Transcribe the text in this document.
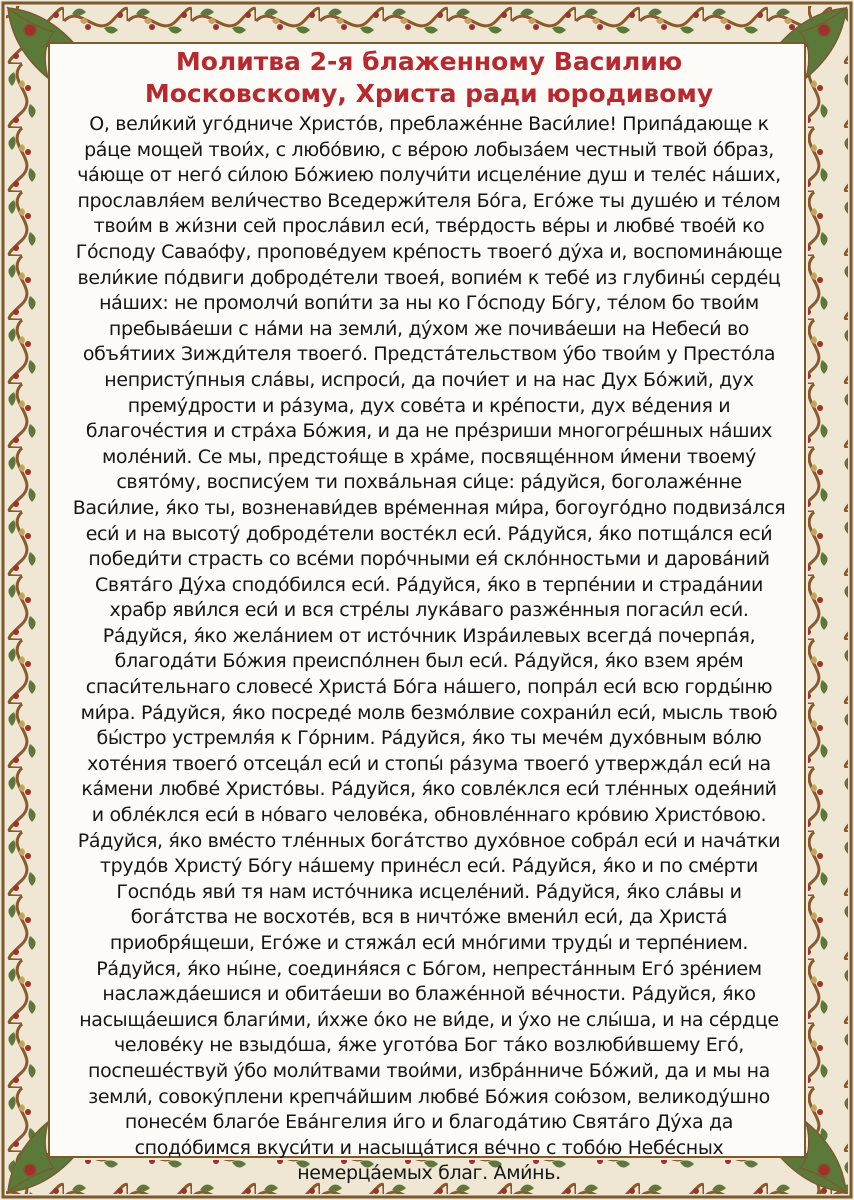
Молитва 2-я блаженному Василию
Московскому, Христа ради юродивому
О, вели́кий уго́дниче Христо́в, преблаже́нне Васи́лие! Припа́дающе к
ра́це мощей твои́х, с любо́вию, с ве́рою лобыза́ем честный твой о́браз,
ча́юще от него́ си́лою Бо́жиею получи́ти исцеле́ние душ и теле́с на́ших,
прославля́ем вели́чество Вседержи́теля Бо́га, Его́же ты душе́ю и те́лом
твои́м в жи́зни сей просла́вил еси́, тве́рдость ве́ры и любве́ твое́й ко
Го́споду Савао́фу, пропове́дуем кре́пость твоего́ ду́ха и, воспомина́юще
вели́кие по́двиги доброде́тели твоея́, вопие́м к тебе́ из глубины́ серде́ц
на́ших: не промолчи́ вопи́ти за ны ко Го́споду Бо́гу, те́лом бо твои́м
пребыва́еши с на́ми на земли́, ду́хом же почива́еши на Небеси́ во
объя́тиих Зижди́теля твоего́. Предста́тельством у́бо твои́м у Престо́ла
непристу́пныя сла́вы, испроси́, да почи́ет и на нас Дух Бо́жий, дух
прему́дрости и ра́зума, дух сове́та и кре́пости, дух ве́дения и
благоче́стия и стра́ха Бо́жия, и да не пре́зриши многогре́шных на́ших
моле́ний. Се мы, предстоя́ще в хра́ме, посвяще́нном и́мени твоему́
свято́му, воспису́ем ти похва́льная си́це: ра́дуйся, боголаже́нне
Васи́лие, я́ко ты, возненави́дев вре́менная ми́ра, богоуго́дно подвиза́лся
еси́ и на высоту́ доброде́тели востéкл еси́. Ра́дуйся, я́ко потща́лся еси́
победи́ти страсть со все́ми поро́чными ея́ скло́нностьми и дарова́ний
Свята́го Ду́ха сподо́бился еси́. Ра́дуйся, я́ко в терпе́нии и страда́нии
храбр яви́лся еси́ и вся стре́лы лука́ваго разже́нныя погаси́л еси́.
Ра́дуйся, я́ко жела́нием от исто́чник Изра́илевых всегда́ почерпа́я,
благода́ти Бо́жия преиспо́лнен был еси́. Ра́дуйся, я́ко взем ярéм
спаси́тельнаго словесе́ Христа́ Бо́га на́шего, попра́л еси́ всю горды́ню
ми́ра. Ра́дуйся, я́ко посреде́ молв безмо́лвие сохрани́л еси́, мысль твою́
бы́стро устремля́я к Го́рним. Ра́дуйся, я́ко ты мече́м духо́вным во́лю
хоте́ния твоего́ отсеца́л еси́ и стопы́ ра́зума твоего́ утвержда́л еси́ на
ка́мени любве́ Христо́вы. Ра́дуйся, я́ко совле́клся еси́ тле́нных одея́ний
и обле́клся еси́ в но́ваго челове́ка, обновле́ннаго кро́вию Христо́вою.
Ра́дуйся, я́ко вме́сто тле́нных бога́тство духо́вное собра́л еси́ и нача́тки
трудо́в Христу́ Бо́гу на́шему принéсл еси́. Ра́дуйся, я́ко и по сме́рти
Госпо́дь яви́ тя нам исто́чника исцеле́ний. Ра́дуйся, я́ко сла́вы и
бога́тства не восхоте́в, вся в ничто́же вмени́л еси́, да Христа́
приобря́щеши, Его́же и стяжа́л еси́ мно́гими труды́ и терпе́нием.
Ра́дуйся, я́ко ны́не, соединя́яся с Бо́гом, непреста́нным Его́ зре́нием
наслажда́ешися и обита́еши во блаже́нной ве́чности. Ра́дуйся, я́ко
насыща́ешися благи́ми, и́хже о́ко не ви́де, и у́хо не слы́ша, и на се́рдце
челове́ку не взыдо́ша, я́же угото́ва Бог та́ко возлюби́вшему Его́,
поспеше́ствуй у́бо моли́твами твои́ми, избра́нниче Бо́жий, да и мы на
земли́, совоку́плени крепча́йшим любве́ Бо́жия сою́зом, великоду́шно
понесéм благо́е Ева́нгелия и́го и благода́тию Свята́го Ду́ха да
сподо́бимся вкуси́ти и насыща́тися ве́чно с тобо́ю Небе́сных
немерца́емых благ. Ами́нь.
